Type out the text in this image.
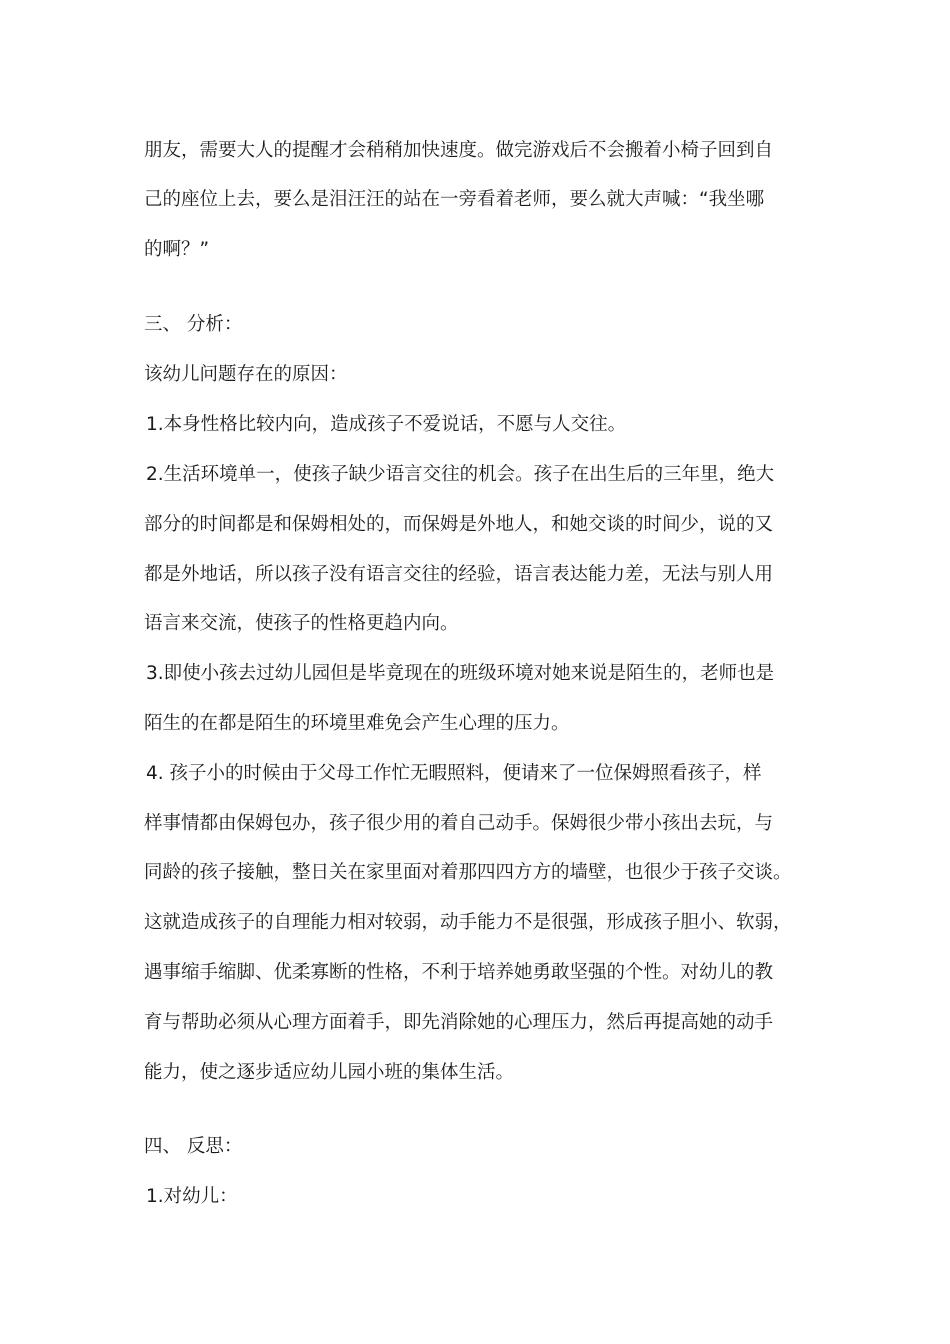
朋友，需要大人的提醒才会稍稍加快速度。做完游戏后不会搬着小椅子回到自
己的座位上去，要么是泪汪汪的站在一旁看着老师，要么就大声喊：“我坐哪
的啊？”
三、 分析：
该幼儿问题存在的原因：
1.本身性格比较内向，造成孩子不爱说话，不愿与人交往。
2.生活环境单一，使孩子缺少语言交往的机会。孩子在出生后的三年里，绝大
部分的时间都是和保姆相处的，而保姆是外地人，和她交谈的时间少，说的又
都是外地话，所以孩子没有语言交往的经验，语言表达能力差，无法与别人用
语言来交流，使孩子的性格更趋内向。
3.即使小孩去过幼儿园但是毕竟现在的班级环境对她来说是陌生的，老师也是
陌生的在都是陌生的环境里难免会产生心理的压力。
4. 孩子小的时候由于父母工作忙无暇照料，便请来了一位保姆照看孩子，样
样事情都由保姆包办，孩子很少用的着自己动手。保姆很少带小孩出去玩，与
同龄的孩子接触，整日关在家里面对着那四四方方的墙壁，也很少于孩子交谈。
这就造成孩子的自理能力相对较弱，动手能力不是很强，形成孩子胆小、软弱，
遇事缩手缩脚、优柔寡断的性格，不利于培养她勇敢坚强的个性。对幼儿的教
育与帮助必须从心理方面着手，即先消除她的心理压力，然后再提高她的动手
能力，使之逐步适应幼儿园小班的集体生活。
四、 反思：
1.对幼儿：
